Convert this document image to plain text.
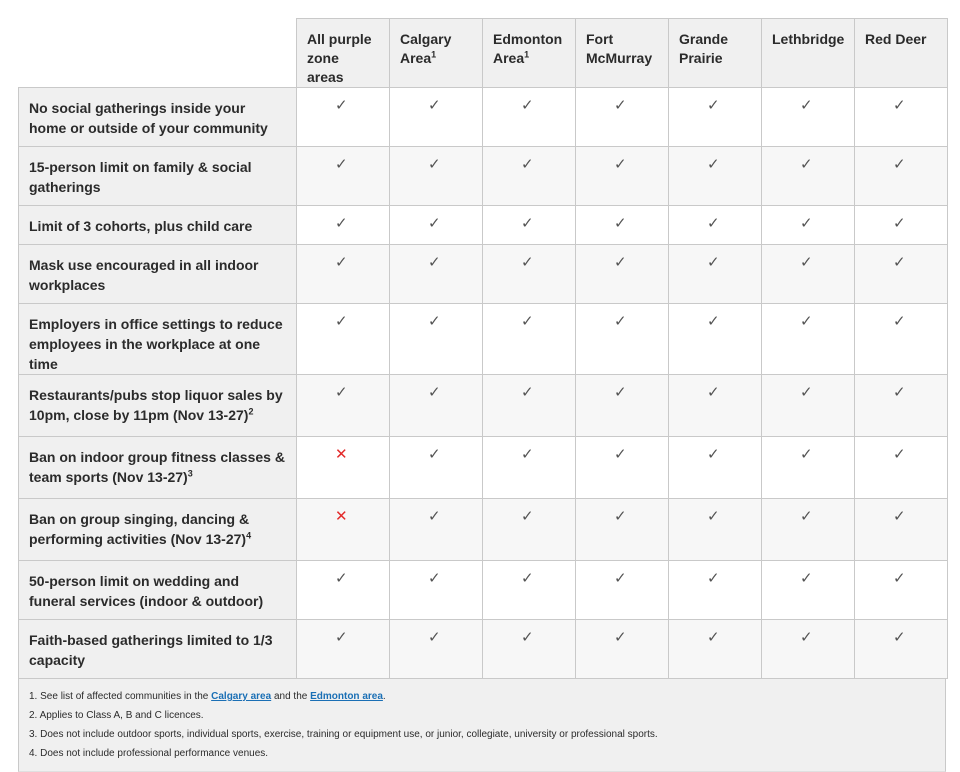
	All purple zone areas	Calgary Area$^1$	Edmonton Area$^1$	Fort McMurray	Grande Prairie	Lethbridge	Red Deer
No social gatherings inside your home or outside of your community	✓	✓	✓	✓	✓	✓	✓
15-person limit on family & social gatherings	✓	✓	✓	✓	✓	✓	✓
Limit of 3 cohorts, plus child care	✓	✓	✓	✓	✓	✓	✓
Mask use encouraged in all indoor workplaces	✓	✓	✓	✓	✓	✓	✓
Employers in office settings to reduce employees in the workplace at one time	✓	✓	✓	✓	✓	✓	✓
Restaurants/pubs stop liquor sales by 10pm, close by 11pm (Nov 13-27)$^2$	✓	✓	✓	✓	✓	✓	✓
Ban on indoor group fitness classes & team sports (Nov 13-27)$^3$	✕	✓	✓	✓	✓	✓	✓
Ban on group singing, dancing & performing activities (Nov 13-27)$^4$	✕	✓	✓	✓	✓	✓	✓
50-person limit on wedding and funeral services (indoor & outdoor)	✓	✓	✓	✓	✓	✓	✓
Faith-based gatherings limited to 1/3 capacity	✓	✓	✓	✓	✓	✓	✓

1. See list of affected communities in the Calgary area and the Edmonton area.

2. Applies to Class A, B and C licences.

3. Does not include outdoor sports, individual sports, exercise, training or equipment use, or junior, collegiate, university or professional sports.

4. Does not include professional performance venues.
